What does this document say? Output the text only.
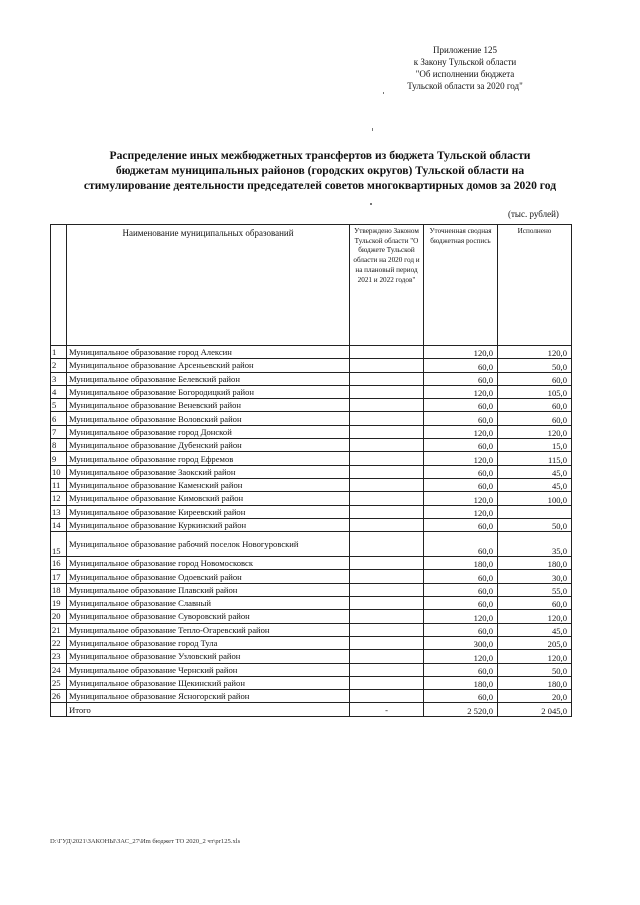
Приложение 125
к Закону Тульской области
"Об исполнении бюджета
Тульской области за 2020 год"
Распределение иных межбюджетных трансфертов из бюджета Тульской области
бюджетам муниципальных районов (городских округов) Тульской области на
стимулирование деятельности председателей советов многоквартирных домов за 2020 год
(тыс. рублей)
	Наименование муниципальных образований	Утверждено Законом Тульской области "О бюджете Тульской области на 2020 год и на плановый период 2021 и 2022 годов"	Уточненная сводная бюджетная роспись	Исполнено
1	Муниципальное образование город Алексин		120,0	120,0
2	Муниципальное образование Арсеньевский район		60,0	50,0
3	Муниципальное образование Белевский район		60,0	60,0
4	Муниципальное образование Богородицкий район		120,0	105,0
5	Муниципальное образование Веневский район		60,0	60,0
6	Муниципальное образование Воловский район		60,0	60,0
7	Муниципальное образование город Донской		120,0	120,0
8	Муниципальное образование Дубенский район		60,0	15,0
9	Муниципальное образование город Ефремов		120,0	115,0
10	Муниципальное образование Заокский район		60,0	45,0
11	Муниципальное образование Каменский район		60,0	45,0
12	Муниципальное образование Кимовский район		120,0	100,0
13	Муниципальное образование Киреевский район		120,0	
14	Муниципальное образование Куркинский район		60,0	50,0
15	Муниципальное образование рабочий поселок Новогуровский		60,0	35,0
16	Муниципальное образование город Новомосковск		180,0	180,0
17	Муниципальное образование Одоевский район		60,0	30,0
18	Муниципальное образование Плавский район		60,0	55,0
19	Муниципальное образование Славный		60,0	60,0
20	Муниципальное образование Суворовский район		120,0	120,0
21	Муниципальное образование Тепло-Огаревский район		60,0	45,0
22	Муниципальное образование город Тула		300,0	205,0
23	Муниципальное образование Узловский район		120,0	120,0
24	Муниципальное образование Чернский район		60,0	50,0
25	Муниципальное образование Щекинский район		180,0	180,0
26	Муниципальное образование Ясногорский район		60,0	20,0
	Итого	-	2 520,0	2 045,0
D:\ГУД\2021\ЗАКОНЫ\ЗАС_27\Иm бюджет ТО 2020_2 чт\pr125.xls
